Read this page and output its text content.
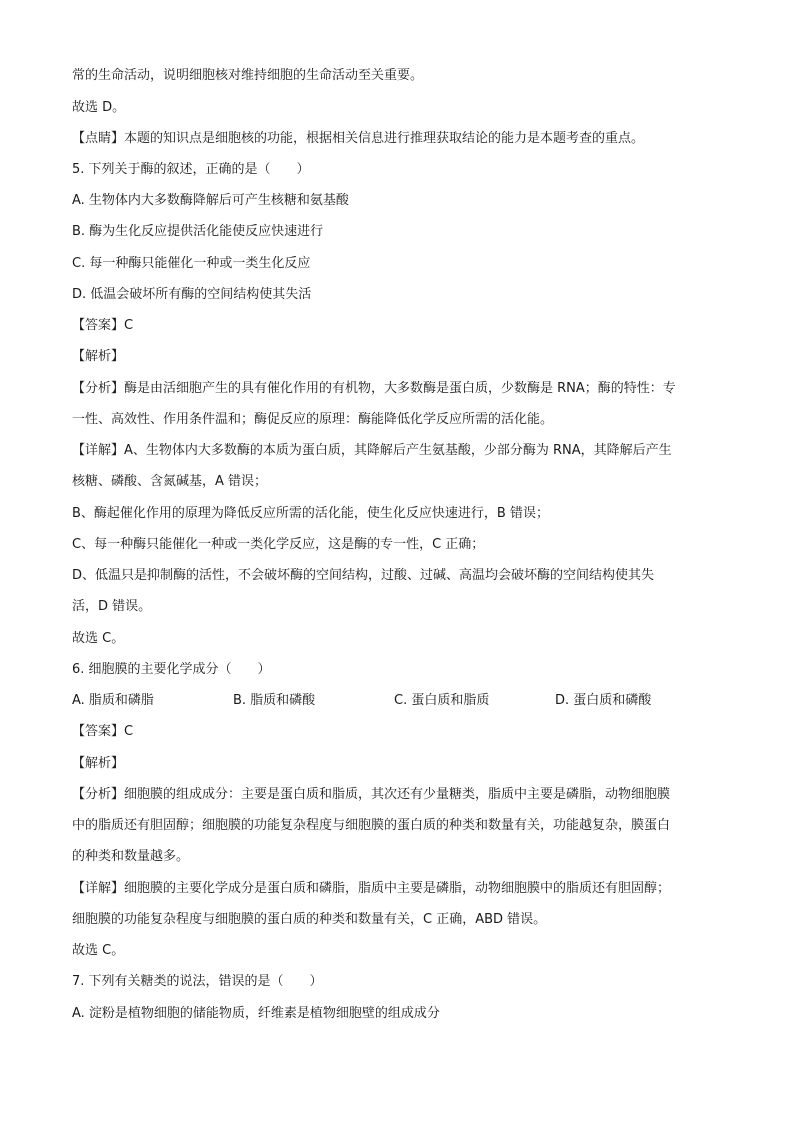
常的生命活动，说明细胞核对维持细胞的生命活动至关重要。
故选 D。
【点睛】本题的知识点是细胞核的功能，根据相关信息进行推理获取结论的能力是本题考查的重点。
5. 下列关于酶的叙述，正确的是（　　）
A. 生物体内大多数酶降解后可产生核糖和氨基酸
B. 酶为生化反应提供活化能使反应快速进行
C. 每一种酶只能催化一种或一类生化反应
D. 低温会破坏所有酶的空间结构使其失活
【答案】C
【解析】
【分析】酶是由活细胞产生的具有催化作用的有机物，大多数酶是蛋白质，少数酶是 RNA；酶的特性：专
一性、高效性、作用条件温和；酶促反应的原理：酶能降低化学反应所需的活化能。
【详解】A、生物体内大多数酶的本质为蛋白质，其降解后产生氨基酸，少部分酶为 RNA，其降解后产生
核糖、磷酸、含氮碱基，A 错误；
B、酶起催化作用的原理为降低反应所需的活化能，使生化反应快速进行，B 错误；
C、每一种酶只能催化一种或一类化学反应，这是酶的专一性，C 正确；
D、低温只是抑制酶的活性，不会破坏酶的空间结构，过酸、过碱、高温均会破坏酶的空间结构使其失
活，D 错误。
故选 C。
6. 细胞膜的主要化学成分（　　）
A. 脂质和磷脂	B. 脂质和磷酸	C. 蛋白质和脂质	D. 蛋白质和磷酸
【答案】C
【解析】
【分析】细胞膜的组成成分：主要是蛋白质和脂质，其次还有少量糖类，脂质中主要是磷脂，动物细胞膜
中的脂质还有胆固醇；细胞膜的功能复杂程度与细胞膜的蛋白质的种类和数量有关，功能越复杂，膜蛋白
的种类和数量越多。
【详解】细胞膜的主要化学成分是蛋白质和磷脂，脂质中主要是磷脂，动物细胞膜中的脂质还有胆固醇；
细胞膜的功能复杂程度与细胞膜的蛋白质的种类和数量有关，C 正确，ABD 错误。
故选 C。
7. 下列有关糖类的说法，错误的是（　　）
A. 淀粉是植物细胞的储能物质，纤维素是植物细胞壁的组成成分
